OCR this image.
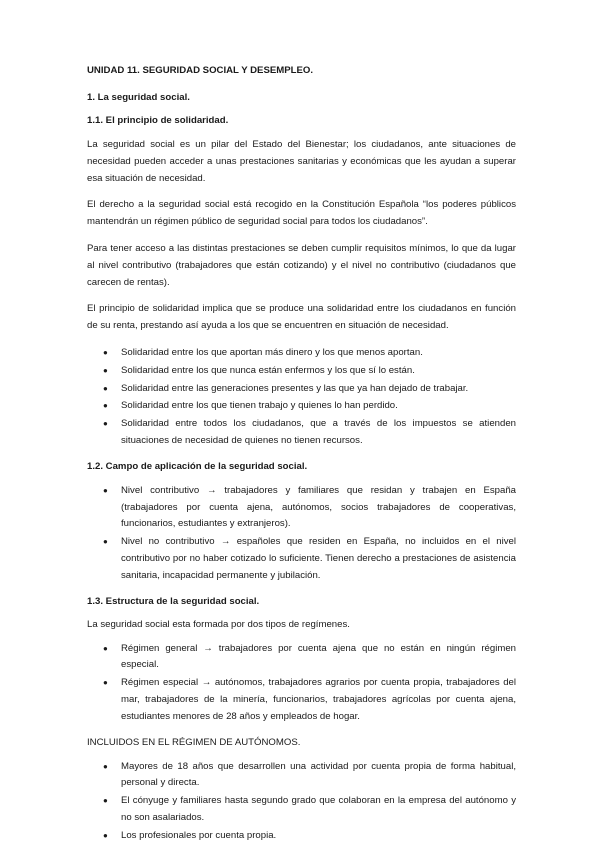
UNIDAD 11. SEGURIDAD SOCIAL Y DESEMPLEO.
1. La seguridad social.
1.1. El principio de solidaridad.

La seguridad social es un pilar del Estado del Bienestar; los ciudadanos, ante situaciones de necesidad pueden acceder a unas prestaciones sanitarias y económicas que les ayudan a superar esa situación de necesidad.

El derecho a la seguridad social está recogido en la Constitución Española “los poderes públicos mantendrán un régimen público de seguridad social para todos los ciudadanos”.

Para tener acceso a las distintas prestaciones se deben cumplir requisitos mínimos, lo que da lugar al nivel contributivo (trabajadores que están cotizando) y el nivel no contributivo (ciudadanos que carecen de rentas).

El principio de solidaridad implica que se produce una solidaridad entre los ciudadanos en función de su renta, prestando así ayuda a los que se encuentren en situación de necesidad.

● Solidaridad entre los que aportan más dinero y los que menos aportan.
● Solidaridad entre los que nunca están enfermos y los que sí lo están.
● Solidaridad entre las generaciones presentes y las que ya han dejado de trabajar.
● Solidaridad entre los que tienen trabajo y quienes lo han perdido.
● Solidaridad entre todos los ciudadanos, que a través de los impuestos se atienden situaciones de necesidad de quienes no tienen recursos.
1.2. Campo de aplicación de la seguridad social.
● Nivel contributivo → trabajadores y familiares que residan y trabajen en España (trabajadores por cuenta ajena, autónomos, socios trabajadores de cooperativas, funcionarios, estudiantes y extranjeros).
● Nivel no contributivo → españoles que residen en España, no incluidos en el nivel contributivo por no haber cotizado lo suficiente. Tienen derecho a prestaciones de asistencia sanitaria, incapacidad permanente y jubilación.
1.3. Estructura de la seguridad social.
La seguridad social esta formada por dos tipos de regímenes.
● Régimen general → trabajadores por cuenta ajena que no están en ningún régimen especial.
● Régimen especial → autónomos, trabajadores agrarios por cuenta propia, trabajadores del mar, trabajadores de la minería, funcionarios, trabajadores agrícolas por cuenta ajena, estudiantes menores de 28 años y empleados de hogar.
INCLUIDOS EN EL RÉGIMEN DE AUTÓNOMOS.
● Mayores de 18 años que desarrollen una actividad por cuenta propia de forma habitual, personal y directa.
● El cónyuge y familiares hasta segundo grado que colaboran en la empresa del autónomo y no son asalariados.
● Los profesionales por cuenta propia.
